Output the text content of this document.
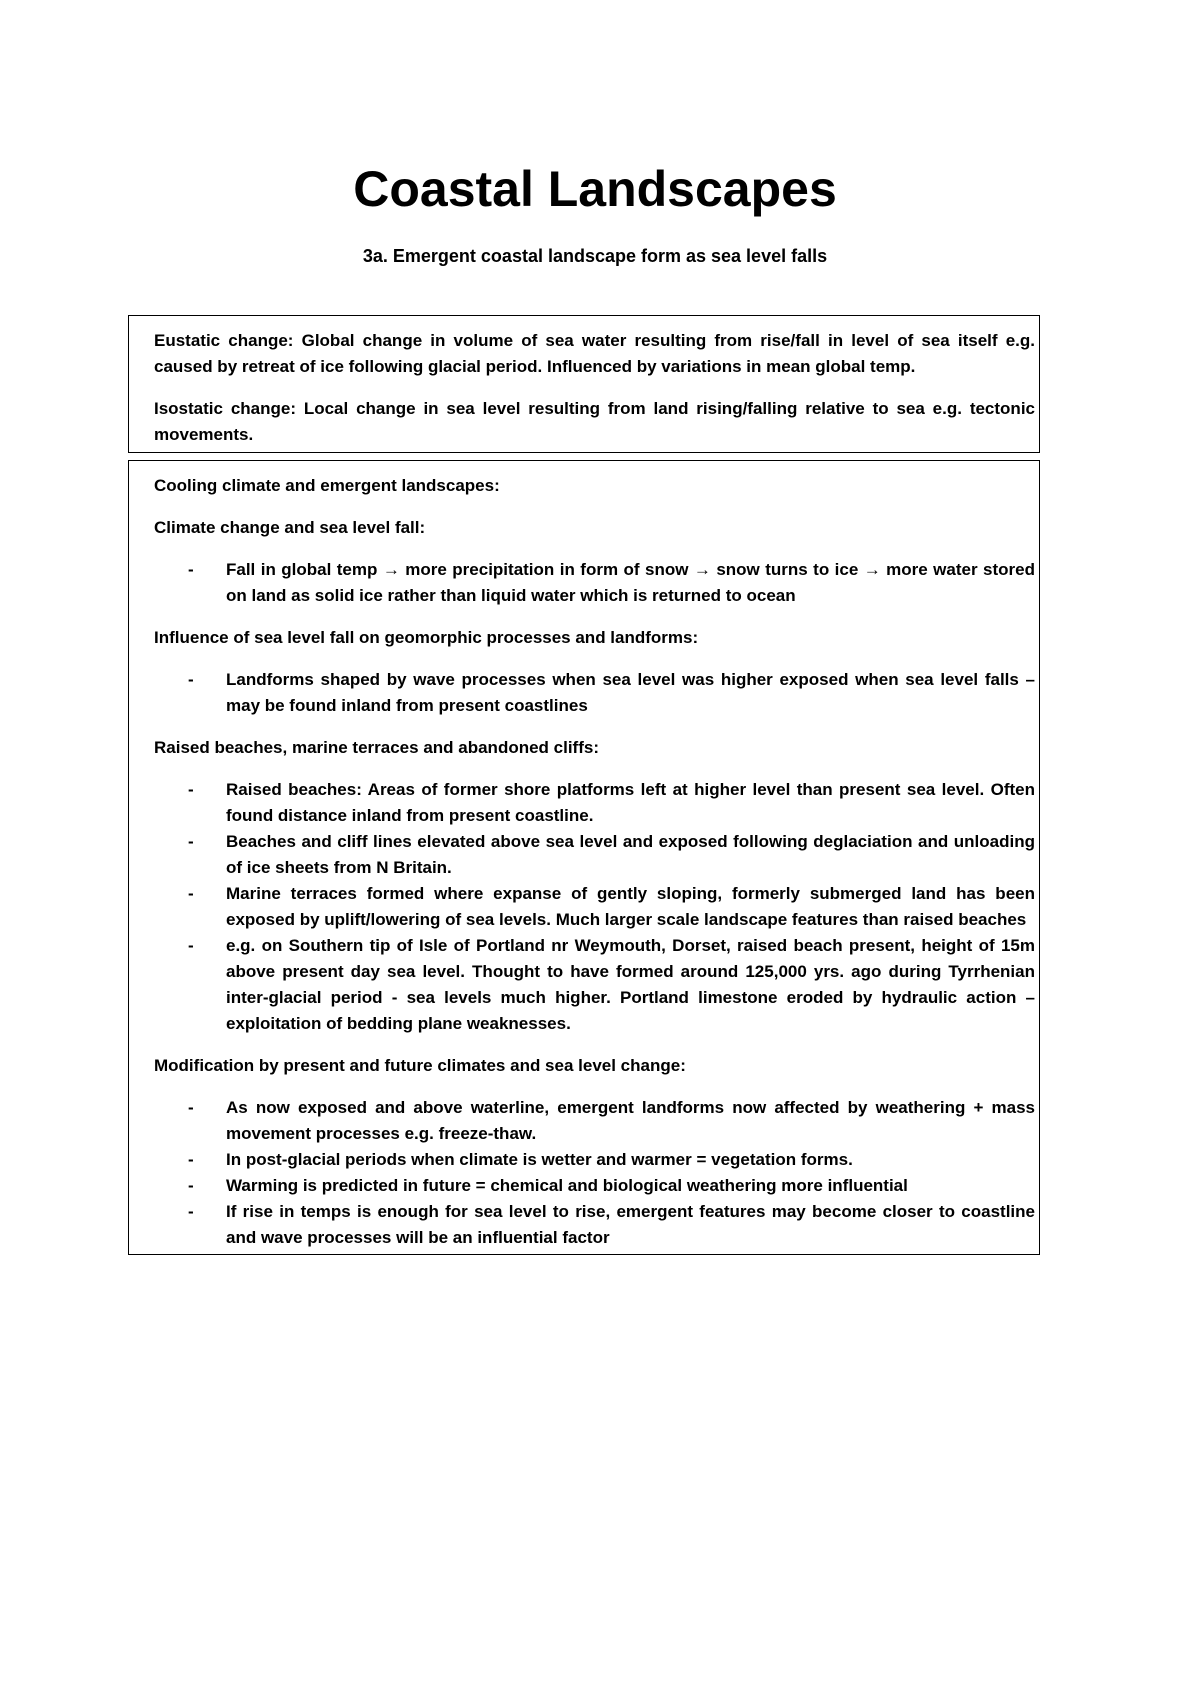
Coastal Landscapes

3a. Emergent coastal landscape form as sea level falls

Eustatic change: Global change in volume of sea water resulting from rise/fall in level of sea itself e.g. caused by retreat of ice following glacial period. Influenced by variations in mean global temp.

Isostatic change: Local change in sea level resulting from land rising/falling relative to sea e.g. tectonic movements.

Cooling climate and emergent landscapes:

Climate change and sea level fall:

- Fall in global temp → more precipitation in form of snow → snow turns to ice → more water stored on land as solid ice rather than liquid water which is returned to ocean

Influence of sea level fall on geomorphic processes and landforms:

- Landforms shaped by wave processes when sea level was higher exposed when sea level falls – may be found inland from present coastlines

Raised beaches, marine terraces and abandoned cliffs:

- Raised beaches: Areas of former shore platforms left at higher level than present sea level. Often found distance inland from present coastline.
- Beaches and cliff lines elevated above sea level and exposed following deglaciation and unloading of ice sheets from N Britain.
- Marine terraces formed where expanse of gently sloping, formerly submerged land has been exposed by uplift/lowering of sea levels. Much larger scale landscape features than raised beaches
- e.g. on Southern tip of Isle of Portland nr Weymouth, Dorset, raised beach present, height of 15m above present day sea level. Thought to have formed around 125,000 yrs. ago during Tyrrhenian inter-glacial period - sea levels much higher. Portland limestone eroded by hydraulic action – exploitation of bedding plane weaknesses.

Modification by present and future climates and sea level change:

- As now exposed and above waterline, emergent landforms now affected by weathering + mass movement processes e.g. freeze-thaw.
- In post-glacial periods when climate is wetter and warmer = vegetation forms.
- Warming is predicted in future = chemical and biological weathering more influential
- If rise in temps is enough for sea level to rise, emergent features may become closer to coastline and wave processes will be an influential factor
